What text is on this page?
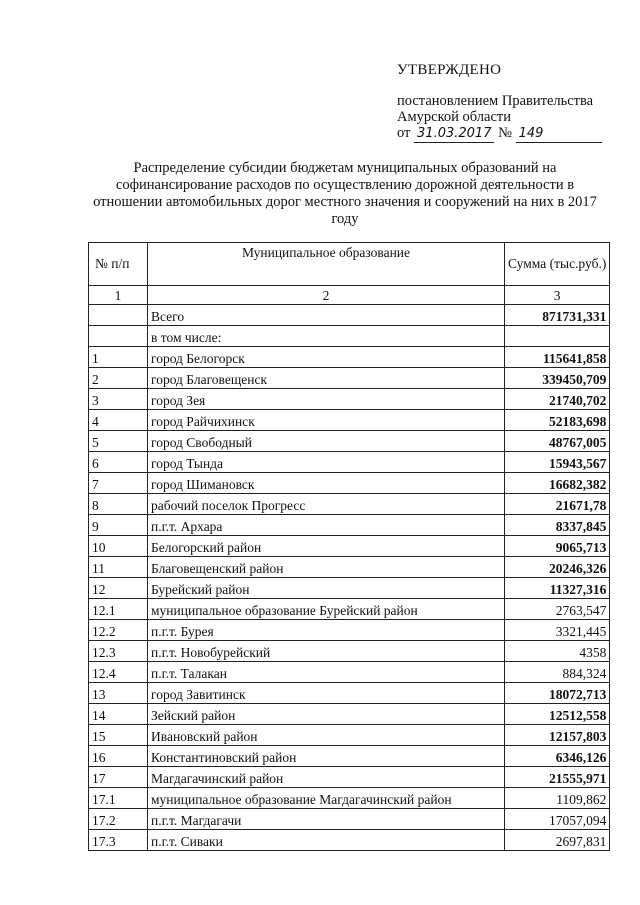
УТВЕРЖДЕНО
постановлением Правительства
Амурской области
от 31.03.2017 № 149
Распределение субсидии бюджетам муниципальных образований на софинансирование расходов по осуществлению дорожной деятельности в отношении автомобильных дорог местного значения и сооружений на них в 2017 году
№ п/п	Муниципальное образование	Сумма (тыс.руб.)
1	2	3
	Всего	871731,331
	в том числе:	
1	город Белогорск	115641,858
2	город Благовещенск	339450,709
3	город Зея	21740,702
4	город Райчихинск	52183,698
5	город Свободный	48767,005
6	город Тында	15943,567
7	город Шимановск	16682,382
8	рабочий поселок Прогресс	21671,78
9	п.г.т. Архара	8337,845
10	Белогорский район	9065,713
11	Благовещенский район	20246,326
12	Бурейский район	11327,316
12.1	муниципальное образование Бурейский район	2763,547
12.2	п.г.т. Бурея	3321,445
12.3	п.г.т. Новобурейский	4358
12.4	п.г.т. Талакан	884,324
13	город Завитинск	18072,713
14	Зейский район	12512,558
15	Ивановский район	12157,803
16	Константиновский район	6346,126
17	Магдагачинский район	21555,971
17.1	муниципальное образование Магдагачинский район	1109,862
17.2	п.г.т. Магдагачи	17057,094
17.3	п.г.т. Сиваки	2697,831
